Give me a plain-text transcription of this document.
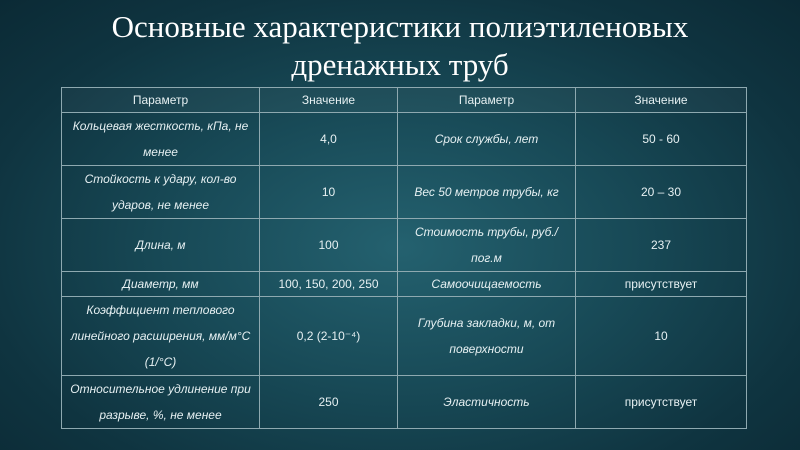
Основные характеристики полиэтиленовых
дренажных труб
Параметр	Значение	Параметр	Значение
Кольцевая жесткость, кПа, не менее	4,0	Срок службы, лет	50 - 60
Стойкость к удару, кол-во ударов, не менее	10	Вес 50 метров трубы, кг	20 – 30
Длина, м	100	Стоимость трубы, руб./пог.м	237
Диаметр, мм	100, 150, 200, 250	Самоочищаемость	присутствует
Коэффициент теплового линейного расширения, мм/м°С (1/°С)	0,2 (2-10⁻⁴)	Глубина закладки, м, от поверхности	10
Относительное удлинение при разрыве, %, не менее	250	Эластичность	присутствует
